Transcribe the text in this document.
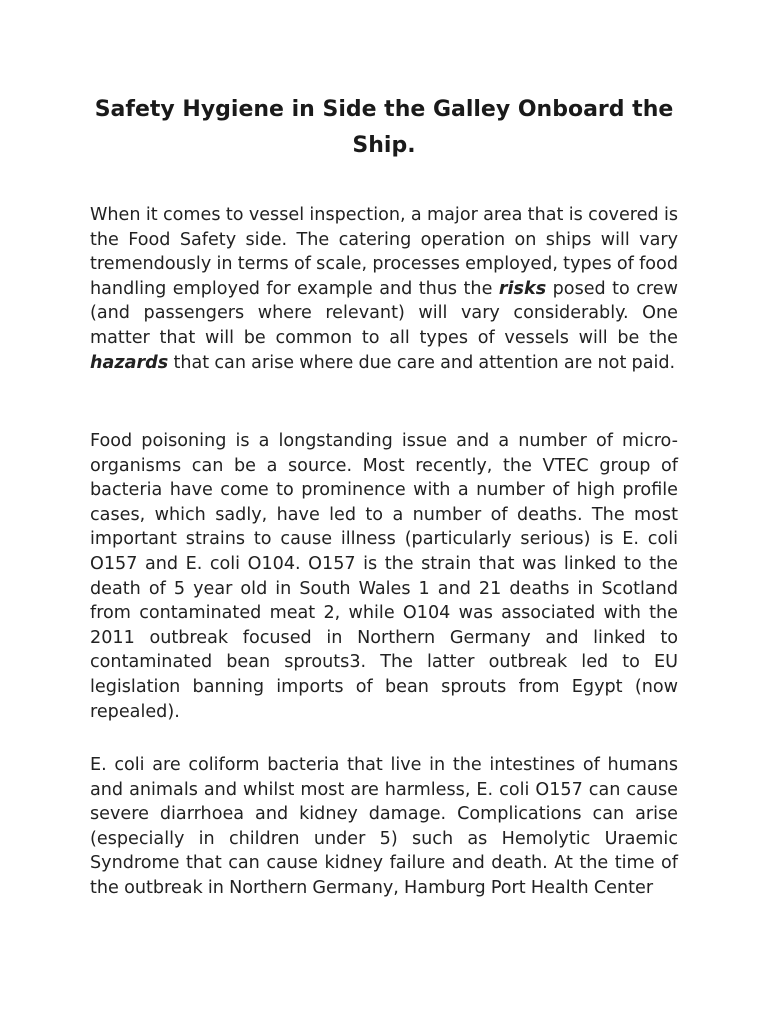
Safety Hygiene in Side the Galley Onboard the Ship.

When it comes to vessel inspection, a major area that is covered is the Food Safety side. The catering operation on ships will vary tremendously in terms of scale, processes employed, types of food handling employed for example and thus the risks posed to crew (and passengers where relevant) will vary considerably. One matter that will be common to all types of vessels will be the hazards that can arise where due care and attention are not paid.

Food poisoning is a longstanding issue and a number of micro-organisms can be a source. Most recently, the VTEC group of bacteria have come to prominence with a number of high profile cases, which sadly, have led to a number of deaths. The most important strains to cause illness (particularly serious) is E. coli O157 and E. coli O104. O157 is the strain that was linked to the death of 5 year old in South Wales 1 and 21 deaths in Scotland from contaminated meat 2, while O104 was associated with the 2011 outbreak focused in Northern Germany and linked to contaminated bean sprouts3. The latter outbreak led to EU legislation banning imports of bean sprouts from Egypt (now repealed).

E. coli are coliform bacteria that live in the intestines of humans and animals and whilst most are harmless, E. coli O157 can cause severe diarrhoea and kidney damage. Complications can arise (especially in children under 5) such as Hemolytic Uraemic Syndrome that can cause kidney failure and death. At the time of the outbreak in Northern Germany, Hamburg Port Health Center
